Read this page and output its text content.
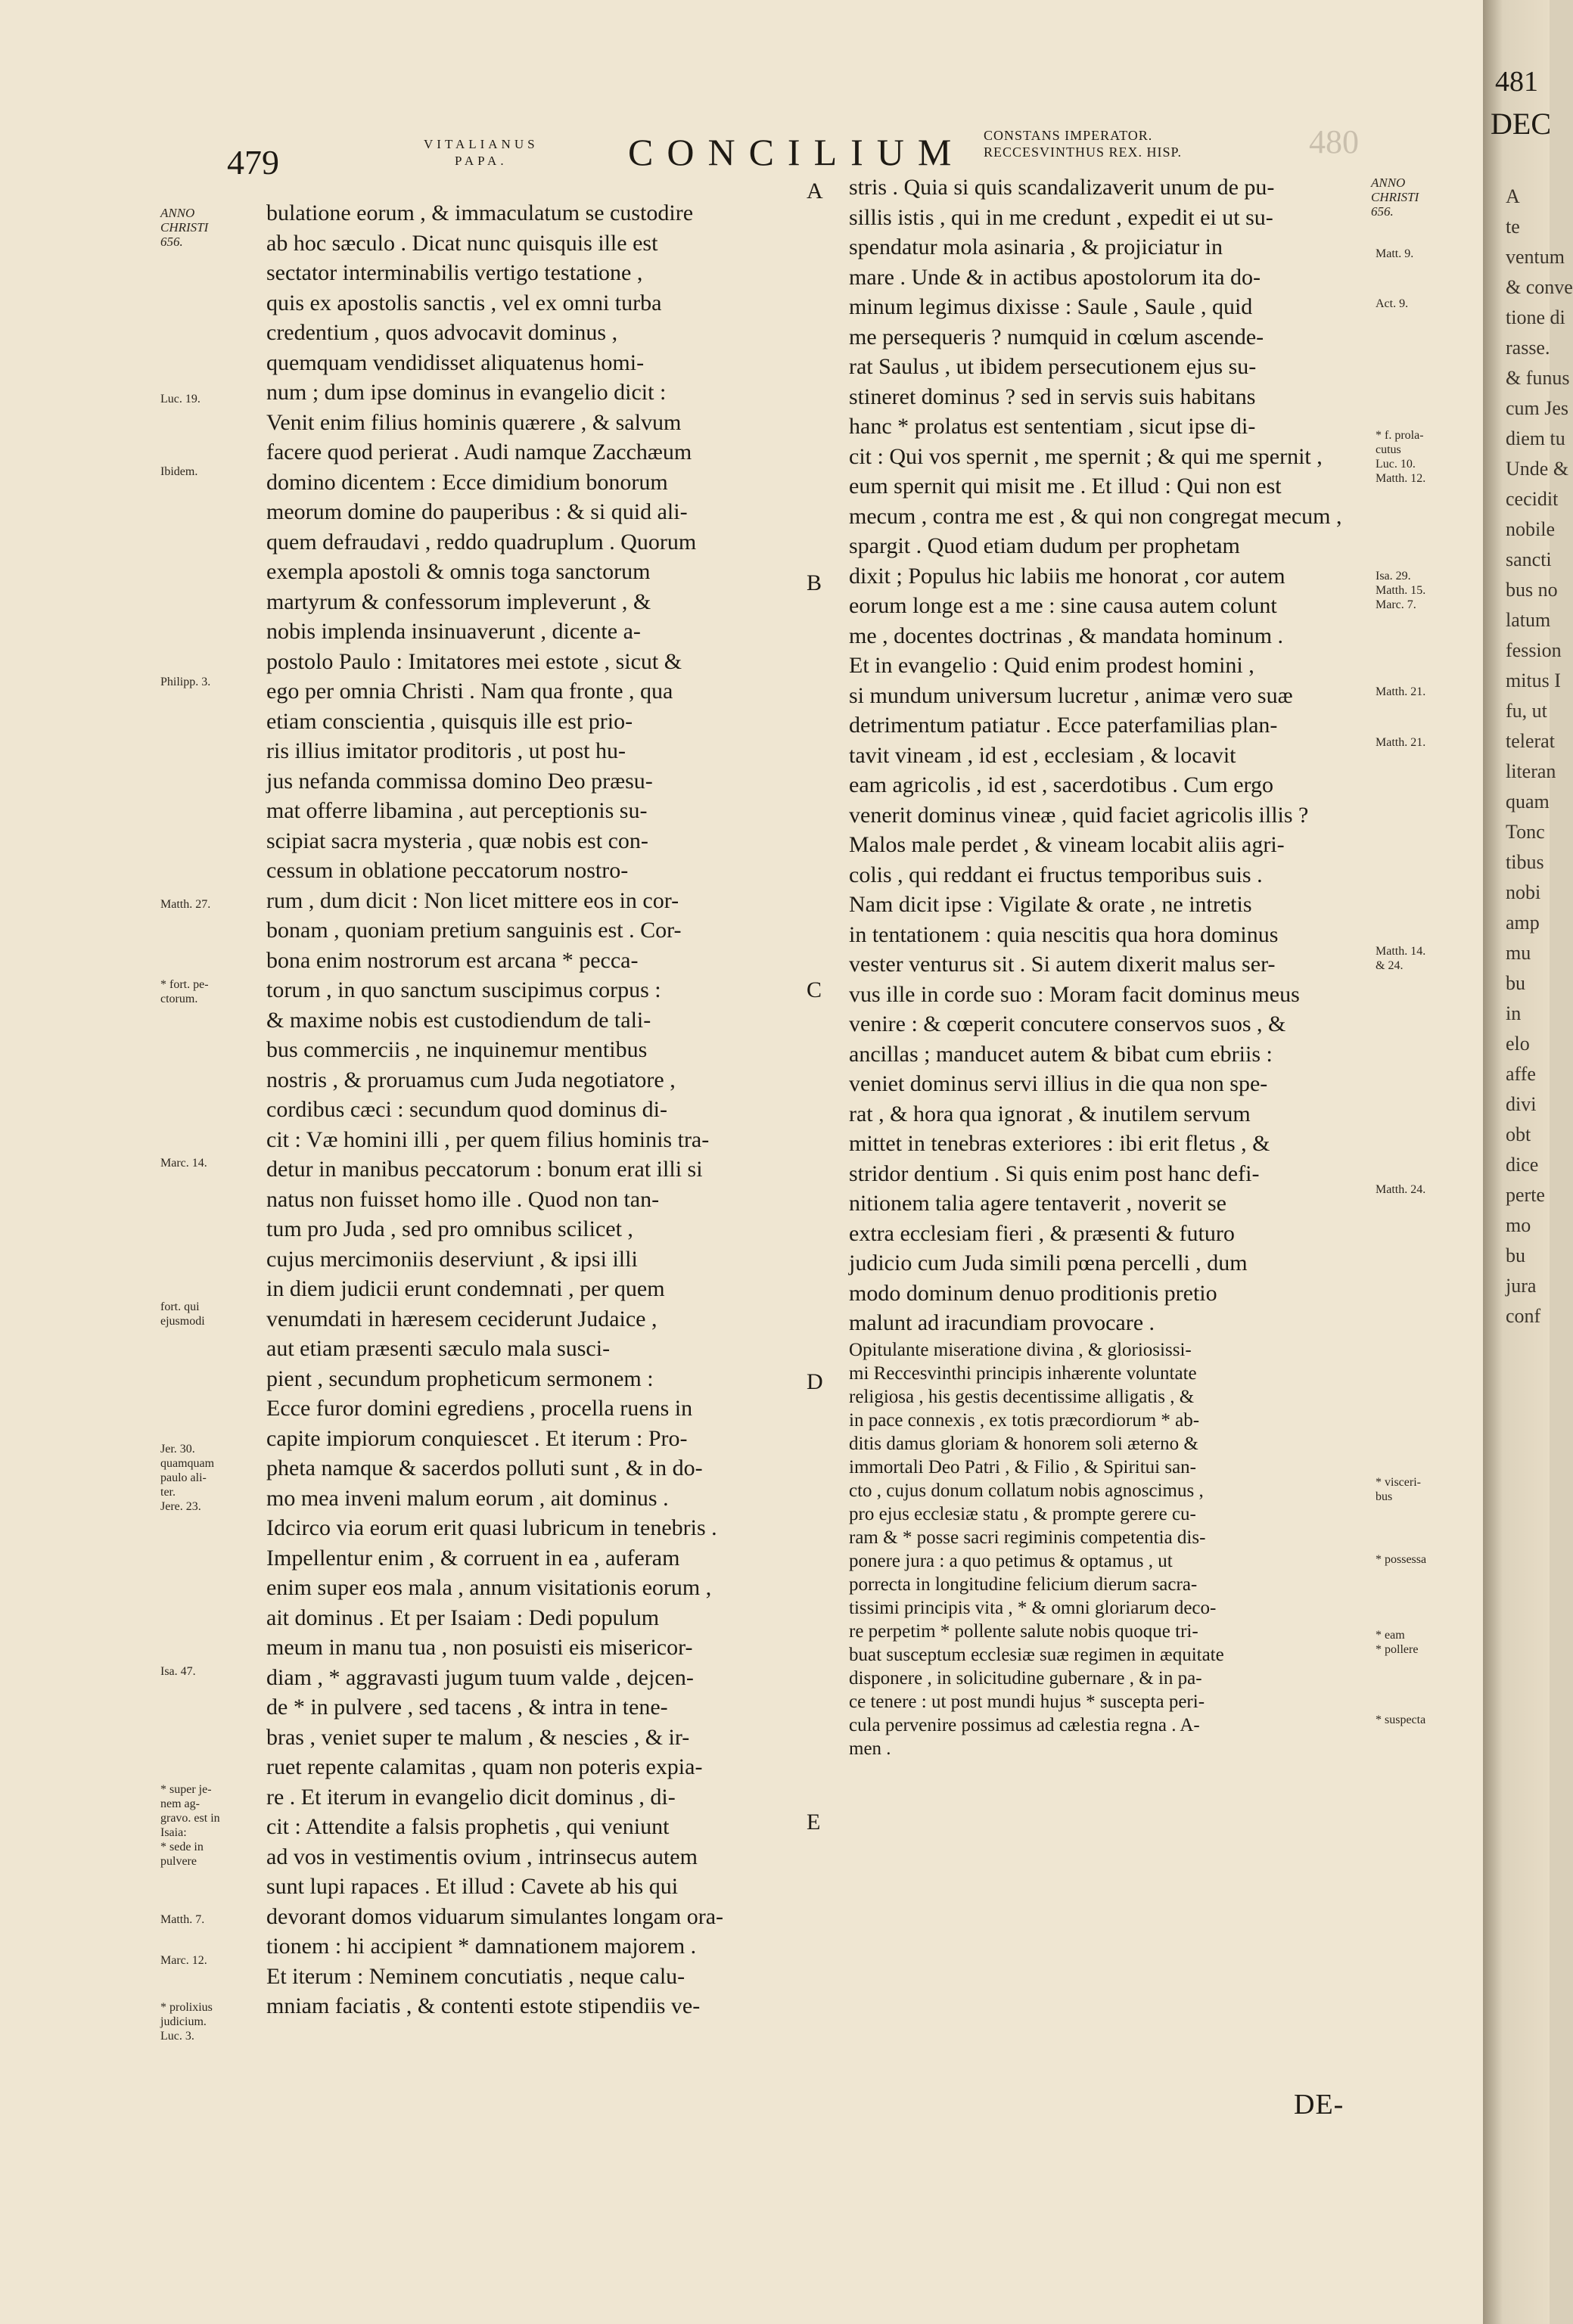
479	VITALIANUS
PAPA.	CONCILIUM CONSTANS IMPERATOR.
RECCESVINTHUS REX. HISP.	480
bulatione eorum , & immaculatum se custodire
ab hoc sæculo . Dicat nunc quisquis ille est
sectator interminabilis vertigo testatione ,
quis ex apostolis sanctis , vel ex omni turba
credentium , quos advocavit dominus ,
quemquam vendidisset aliquatenus homi-
num ; dum ipse dominus in evangelio dicit :
Venit enim filius hominis quærere , & salvum
facere quod perierat . Audi namque Zacchæum
domino dicentem : Ecce dimidium bonorum
meorum domine do pauperibus : & si quid ali-
quem defraudavi , reddo quadruplum . Quorum
exempla apostoli & omnis toga sanctorum
martyrum & confessorum impleverunt , &
nobis implenda insinuaverunt , dicente a-
postolo Paulo : Imitatores mei estote , sicut &
ego per omnia Christi . Nam qua fronte , qua
etiam conscientia , quisquis ille est prio-
ris illius imitator proditoris , ut post hu-
jus nefanda commissa domino Deo præsu-
mat offerre libamina , aut perceptionis su-
scipiat sacra mysteria , quæ nobis est con-
cessum in oblatione peccatorum nostro-
rum , dum dicit : Non licet mittere eos in cor-
bonam , quoniam pretium sanguinis est . Cor-
bona enim nostrorum est arcana * pecca-
torum , in quo sanctum suscipimus corpus :
& maxime nobis est custodiendum de tali-
bus commerciis , ne inquinemur mentibus
nostris , & proruamus cum Juda negotiatore ,
cordibus cæci : secundum quod dominus di-
cit : Væ homini illi , per quem filius hominis tra-
detur in manibus peccatorum : bonum erat illi si
natus non fuisset homo ille . Quod non tan-
tum pro Juda , sed pro omnibus scilicet ,
cujus mercimoniis deserviunt , & ipsi illi
in diem judicii erunt condemnati , per quem
venumdati in hæresem ceciderunt Judaice ,
aut etiam præsenti sæculo mala susci-
pient , secundum propheticum sermonem :
Ecce furor domini egrediens , procella ruens in
capite impiorum conquiescet . Et iterum : Pro-
pheta namque & sacerdos polluti sunt , & in do-
mo mea inveni malum eorum , ait dominus .
Idcirco via eorum erit quasi lubricum in tenebris .
Impellentur enim , & corruent in ea , auferam
enim super eos mala , annum visitationis eorum ,
ait dominus . Et per Isaiam : Dedi populum
meum in manu tua , non posuisti eis misericor-
diam , * aggravasti jugum tuum valde , dejcen-
de * in pulvere , sed tacens , & intra in tene-
bras , veniet super te malum , & nescies , & ir-
ruet repente calamitas , quam non poteris expia-
re . Et iterum in evangelio dicit dominus , di-
cit : Attendite a falsis prophetis , qui veniunt
ad vos in vestimentis ovium , intrinsecus autem
sunt lupi rapaces . Et illud : Cavete ab his qui
devorant domos viduarum simulantes longam ora-
tionem : hi accipient * damnationem majorem .
Et iterum : Neminem concutiatis , neque calu-
mniam faciatis , & contenti estote stipendiis ve-
stris . Quia si quis scandalizaverit unum de pu-
sillis istis , qui in me credunt , expedit ei ut su-
spendatur mola asinaria , & projiciatur in
mare . Unde & in actibus apostolorum ita do-
minum legimus dixisse : Saule , Saule , quid
me persequeris ? numquid in cœlum ascende-
rat Saulus , ut ibidem persecutionem ejus su-
stineret dominus ? sed in servis suis habitans
hanc * prolatus est sententiam , sicut ipse di-
cit : Qui vos spernit , me spernit ; & qui me spernit ,
eum spernit qui misit me . Et illud : Qui non est
mecum , contra me est , & qui non congregat mecum ,
spargit . Quod etiam dudum per prophetam
dixit ; Populus hic labiis me honorat , cor autem
eorum longe est a me : sine causa autem colunt
me , docentes doctrinas , & mandata hominum .
Et in evangelio : Quid enim prodest homini ,
si mundum universum lucretur , animæ vero suæ
detrimentum patiatur . Ecce paterfamilias plan-
tavit vineam , id est , ecclesiam , & locavit
eam agricolis , id est , sacerdotibus . Cum ergo
venerit dominus vineæ , quid faciet agricolis illis ?
Malos male perdet , & vineam locabit aliis agri-
colis , qui reddant ei fructus temporibus suis .
Nam dicit ipse : Vigilate & orate , ne intretis
in tentationem : quia nescitis qua hora dominus
vester venturus sit . Si autem dixerit malus ser-
vus ille in corde suo : Moram facit dominus meus
venire : & cœperit concutere conservos suos , &
ancillas ; manducet autem & bibat cum ebriis :
veniet dominus servi illius in die qua non spe-
rat , & hora qua ignorat , & inutilem servum
mittet in tenebras exteriores : ibi erit fletus , &
stridor dentium . Si quis enim post hanc defi-
nitionem talia agere tentaverit , noverit se
extra ecclesiam fieri , & præsenti & futuro
judicio cum Juda simili pœna percelli , dum
modo dominum denuo proditionis pretio
malunt ad iracundiam provocare .
Opitulante miseratione divina , & gloriosissi-
mi Reccesvinthi principis inhærente voluntate
religiosa , his gestis decentissime alligatis , &
in pace connexis , ex totis præcordiorum * ab-
ditis damus gloriam & honorem soli æterno &
immortali Deo Patri , & Filio , & Spiritui san-
cto , cujus donum collatum nobis agnoscimus ,
pro ejus ecclesiæ statu , & prompte gerere cu-
ram & * posse sacri regiminis competentia dis-
ponere jura : a quo petimus & optamus , ut
porrecta in longitudine felicium dierum sacra-
tissimi principis vita , * & omni gloriarum deco-
re perpetim * pollente salute nobis quoque tri-
buat susceptum ecclesiæ suæ regimen in æquitate
disponere , in solicitudine gubernare , & in pa-
ce tenere : ut post mundi hujus * suscepta peri-
cula pervenire possimus ad cælestia regna . A-
men .
ANNO
CHRISTI
656.
Luc. 19.
Ibidem.
Philipp. 3.
Matth. 27.
* fort. pe-
ctorum.
Marc. 14.
fort. qui
ejusmodi
Jer. 30.
quamquam
paulo ali-
ter.
Jere. 23.
Isa. 47.
* super je-
nem ag-
gravo. est in
Isaia:
* sede in
pulvere
Matth. 7.
Marc. 12.
* prolixius
judicium.
Luc. 3.
ANNO
CHRISTI
656.
Matt. 9.
Act. 9.
* f. prola-
cutus
Luc. 10.
Matth. 12.
Isa. 29.
Matth. 15.
Marc. 7.
Matth. 21.
Matth. 21.
Matth. 14.
& 24.
Matth. 24.
* visceri-
bus
* possessa
* eam
* pollere
* suspecta
A
B
C
D
E
DE-
481
DEC
A
te
ventum
& conve
tione di
rasse.
& funus
cum Jes
diem tu
Unde &
cecidit
nobile
sancti
bus no
latum
fession
mitus I
fu, ut
telerat
literan
quam
Tonc
tibus
nobi
amp
mu
bu
in
elo
affe
divi
obt
dice
perte
mo
bu
jura
conf
